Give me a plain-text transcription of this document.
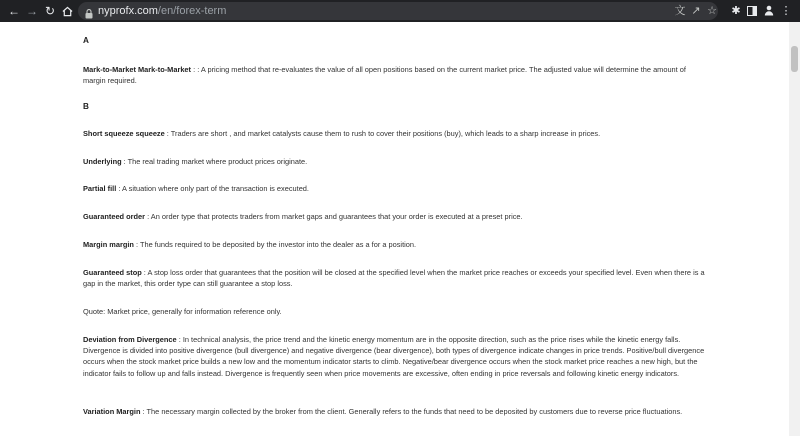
← → ↻	nyprofx.com/en/forex-term	文 ↗ ☆	✱	⋮
A
Mark-to-Market Mark-to-Market : : A pricing method that re-evaluates the value of all open positions based on the current market price. The adjusted value will determine the amount of margin required.
B
Short squeeze squeeze : Traders are short , and market catalysts cause them to rush to cover their positions (buy), which leads to a sharp increase in prices.
Underlying : The real trading market where product prices originate.
Partial fill : A situation where only part of the transaction is executed.
Guaranteed order : An order type that protects traders from market gaps and guarantees that your order is executed at a preset price.
Margin margin : The funds required to be deposited by the investor into the dealer as a for a position.
Guaranteed stop : A stop loss order that guarantees that the position will be closed at the specified level when the market price reaches or exceeds your specified level. Even when there is a gap in the market, this order type can still guarantee a stop loss.
Quote: Market price, generally for information reference only.
Deviation from Divergence : In technical analysis, the price trend and the kinetic energy momentum are in the opposite direction, such as the price rises while the kinetic energy falls. Divergence is divided into positive divergence (bull divergence) and negative divergence (bear divergence), both types of divergence indicate changes in price trends. Positive/bull divergence occurs when the stock market price builds a new low and the momentum indicator starts to climb. Negative/bear divergence occurs when the stock market price reaches a new high, but the indicator fails to follow up and falls instead. Divergence is frequently seen when price movements are excessive, often ending in price reversals and following kinetic energy indicators.
Variation Margin : The necessary margin collected by the broker from the client. Generally refers to the funds that need to be deposited by customers due to reverse price fluctuations.
